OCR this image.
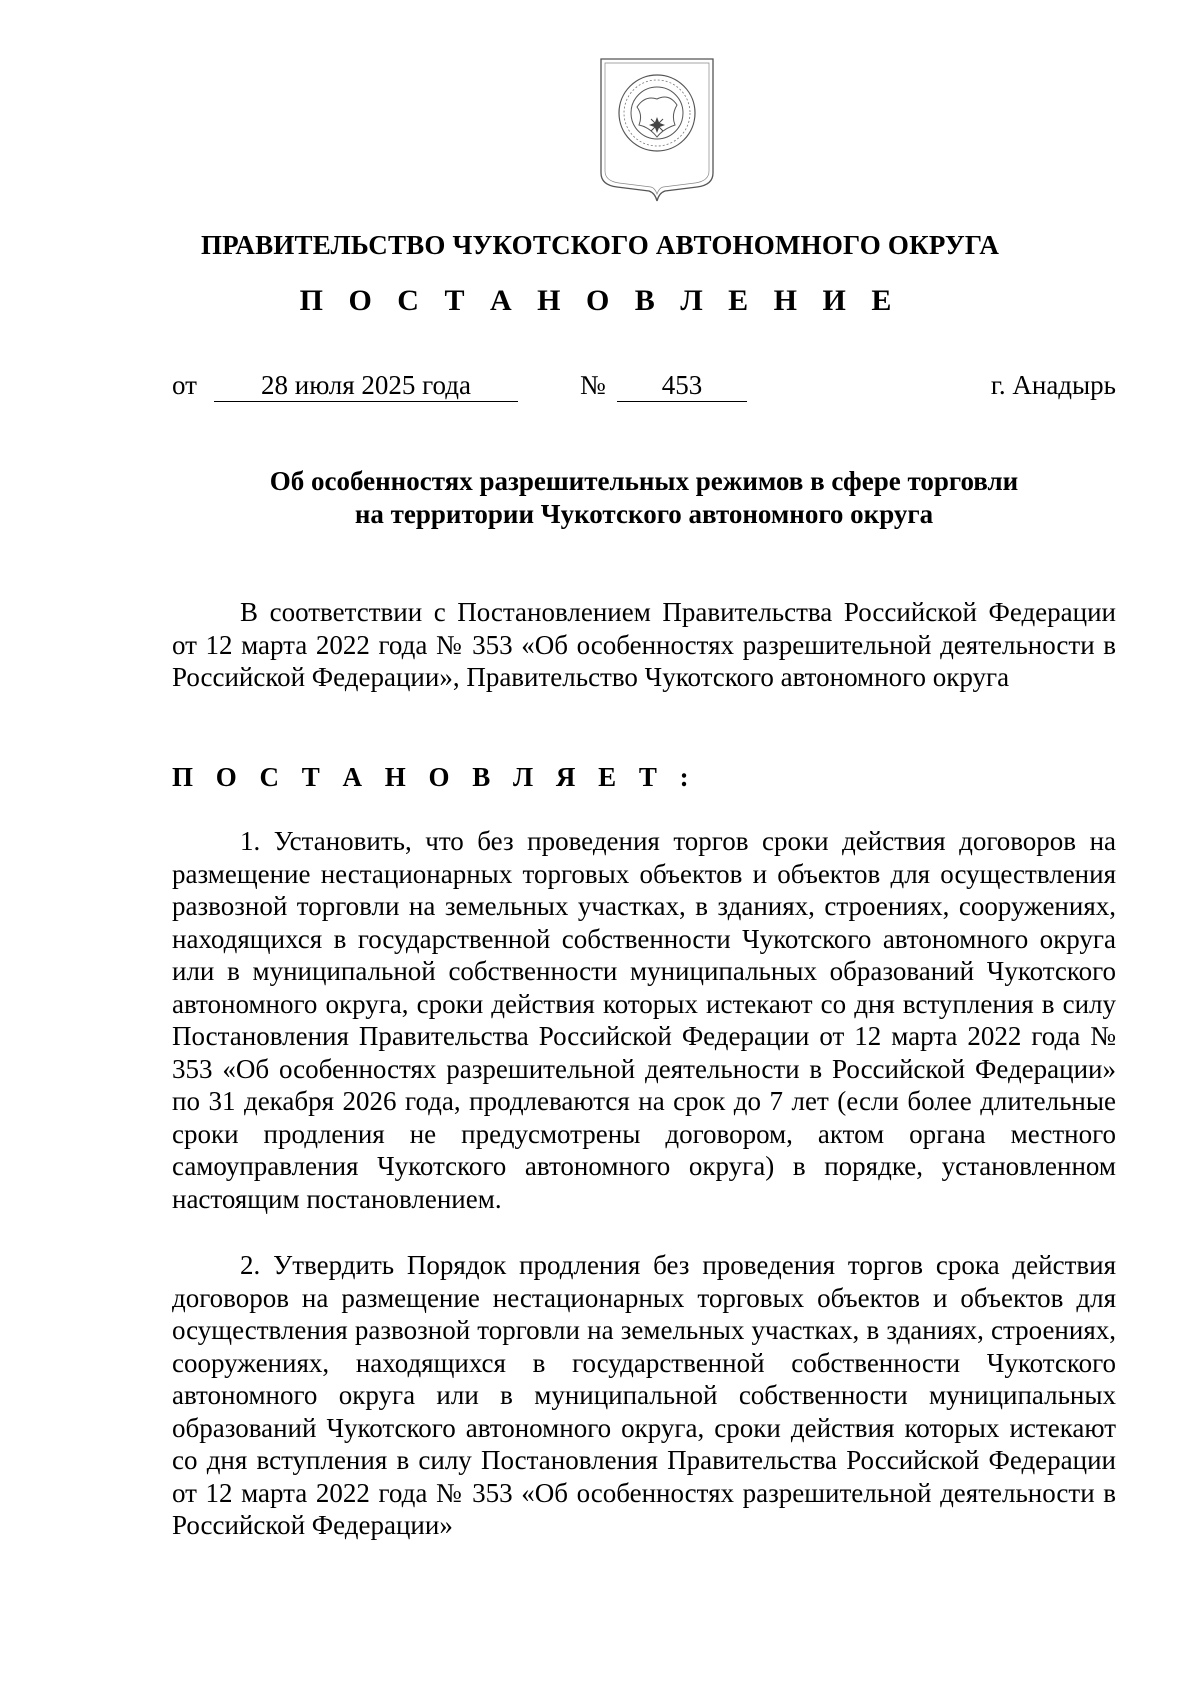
ПРАВИТЕЛЬСТВО ЧУКОТСКОГО АВТОНОМНОГО ОКРУГА
П О С Т А Н О В Л Е Н И Е
от	28 июля 2025 года	№	453	г. Анадырь
Об особенностях разрешительных режимов в сфере торговли
на территории Чукотского автономного округа

В соответствии с Постановлением Правительства Российской Федерации от 12 марта 2022 года № 353 «Об особенностях разрешительной деятельности в Российской Федерации», Правительство Чукотского автономного округа

П О С Т А Н О В Л Я Е Т :

1. Установить, что без проведения торгов сроки действия договоров на размещение нестационарных торговых объектов и объектов для осуществления развозной торговли на земельных участках, в зданиях, строениях, сооружениях, находящихся в государственной собственности Чукотского автономного округа или в муниципальной собственности муниципальных образований Чукотского автономного округа, сроки действия которых истекают со дня вступления в силу Постановления Правительства Российской Федерации от 12 марта 2022 года № 353 «Об особенностях разрешительной деятельности в Российской Федерации» по 31 декабря 2026 года, продлеваются на срок до 7 лет (если более длительные сроки продления не предусмотрены договором, актом органа местного самоуправления Чукотского автономного округа) в порядке, установленном настоящим постановлением.

2. Утвердить Порядок продления без проведения торгов срока действия договоров на размещение нестационарных торговых объектов и объектов для осуществления развозной торговли на земельных участках, в зданиях, строениях, сооружениях, находящихся в государственной собственности Чукотского автономного округа или в муниципальной собственности муниципальных образований Чукотского автономного округа, сроки действия которых истекают со дня вступления в силу Постановления Правительства Российской Федерации от 12 марта 2022 года № 353 «Об особенностях разрешительной деятельности в Российской Федерации»
